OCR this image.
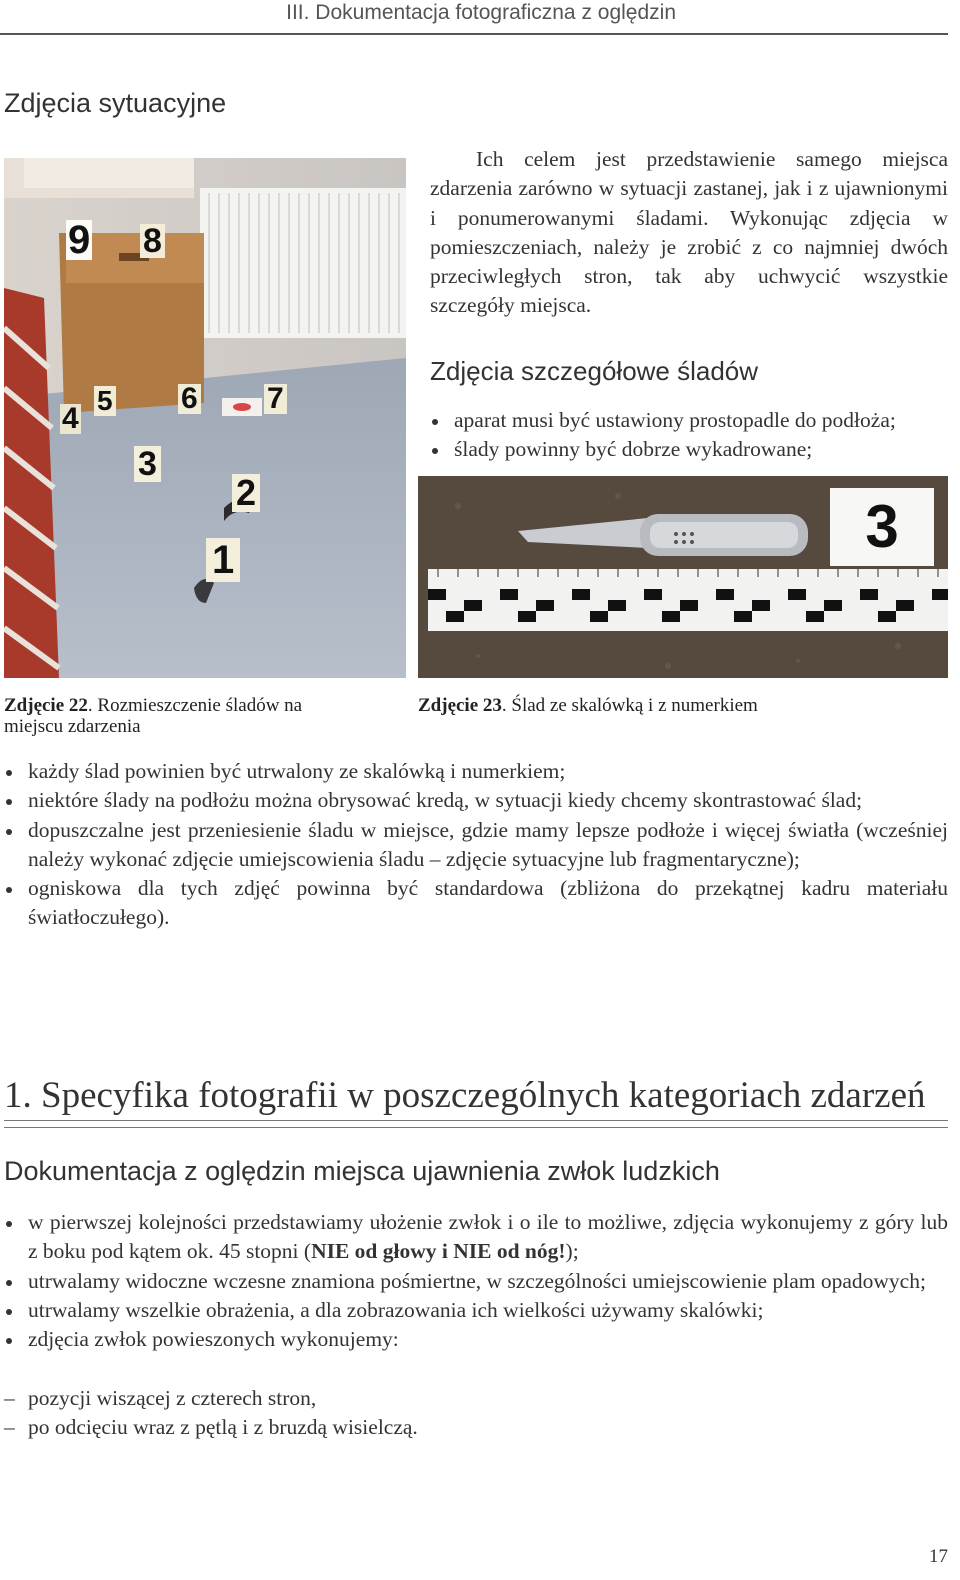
III. Dokumentacja fotograficzna z oględzin
Zdjęcia sytuacyjne
9 8
5 6 7
4
3
2
1

Ich celem jest przedstawienie samego miejsca zdarzenia zarówno w sytuacji zastanej, jak i z ujawnionymi i ponumerowanymi śladami. Wykonując zdjęcia w pomieszczeniach, należy je zrobić z co najmniej dwóch przeciwległych stron, tak aby uchwycić wszystkie szczegóły miejsca.

Zdjęcia szczegółowe śladów
aparat musi być ustawiony prostopadle do podłoża;
ślady powinny być dobrze wykadrowane;
3
Zdjęcie 22. Rozmieszczenie śladów na miejscu zdarzenia
Zdjęcie 23. Ślad ze skalówką i z numerkiem
każdy ślad powinien być utrwalony ze skalówką i numerkiem;
niektóre ślady na podłożu można obrysować kredą, w sytuacji kiedy chcemy skontrastować ślad;
dopuszczalne jest przeniesienie śladu w miejsce, gdzie mamy lepsze podłoże i więcej światła (wcześniej należy wykonać zdjęcie umiejscowienia śladu – zdjęcie sytuacyjne lub fragmentaryczne);
ogniskowa dla tych zdjęć powinna być standardowa (zbliżona do przekątnej kadru materiału światłoczułego).
1. Specyfika fotografii w poszczególnych kategoriach zdarzeń
Dokumentacja z oględzin miejsca ujawnienia zwłok ludzkich
w pierwszej kolejności przedstawiamy ułożenie zwłok i o ile to możliwe, zdjęcia wykonujemy z góry lub z boku pod kątem ok. 45 stopni (NIE od głowy i NIE od nóg!);
utrwalamy widoczne wczesne znamiona pośmiertne, w szczególności umiejscowienie plam opadowych;
utrwalamy wszelkie obrażenia, a dla zobrazowania ich wielkości używamy skalówki;
zdjęcia zwłok powieszonych wykonujemy:
– pozycji wiszącej z czterech stron,
– po odcięciu wraz z pętlą i z bruzdą wisielczą.
17
